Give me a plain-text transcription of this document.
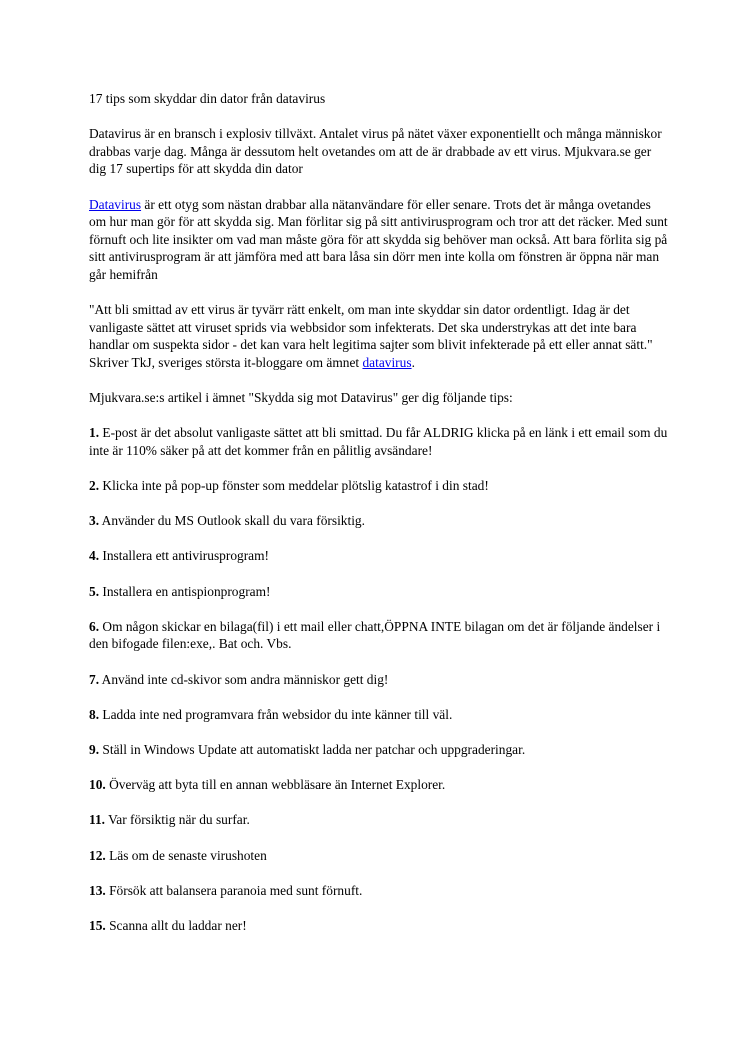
17 tips som skyddar din dator från datavirus

Datavirus är en bransch i explosiv tillväxt. Antalet virus på nätet växer exponentiellt och många människor drabbas varje dag. Många är dessutom helt ovetandes om att de är drabbade av ett virus. Mjukvara.se ger dig 17 supertips för att skydda din dator

Datavirus är ett otyg som nästan drabbar alla nätanvändare för eller senare. Trots det är många ovetandes om hur man gör för att skydda sig. Man förlitar sig på sitt antivirusprogram och tror att det räcker. Med sunt förnuft och lite insikter om vad man måste göra för att skydda sig behöver man också. Att bara förlita sig på sitt antivirusprogram är att jämföra med att bara låsa sin dörr men inte kolla om fönstren är öppna när man går hemifrån

"Att bli smittad av ett virus är tyvärr rätt enkelt, om man inte skyddar sin dator ordentligt. Idag är det vanligaste sättet att viruset sprids via webbsidor som infekterats. Det ska understrykas att det inte bara handlar om suspekta sidor - det kan vara helt legitima sajter som blivit infekterade på ett eller annat sätt." Skriver TkJ, sveriges största it-bloggare om ämnet datavirus.

Mjukvara.se:s artikel i ämnet "Skydda sig mot Datavirus" ger dig följande tips:

1. E-post är det absolut vanligaste sättet att bli smittad. Du får ALDRIG klicka på en länk i ett email som du inte är 110% säker på att det kommer från en pålitlig avsändare!

2. Klicka inte på pop-up fönster som meddelar plötslig katastrof i din stad!

3. Använder du MS Outlook skall du vara försiktig.

4. Installera ett antivirusprogram!

5. Installera en antispionprogram!

6. Om någon skickar en bilaga(fil) i ett mail eller chatt,ÖPPNA INTE bilagan om det är följande ändelser i den bifogade filen:exe,. Bat och. Vbs.

7. Använd inte cd-skivor som andra människor gett dig!

8. Ladda inte ned programvara från websidor du inte känner till väl.

9. Ställ in Windows Update att automatiskt ladda ner patchar och uppgraderingar.

10. Överväg att byta till en annan webbläsare än Internet Explorer.

11. Var försiktig när du surfar.

12. Läs om de senaste virushoten

13. Försök att balansera paranoia med sunt förnuft.

15. Scanna allt du laddar ner!
